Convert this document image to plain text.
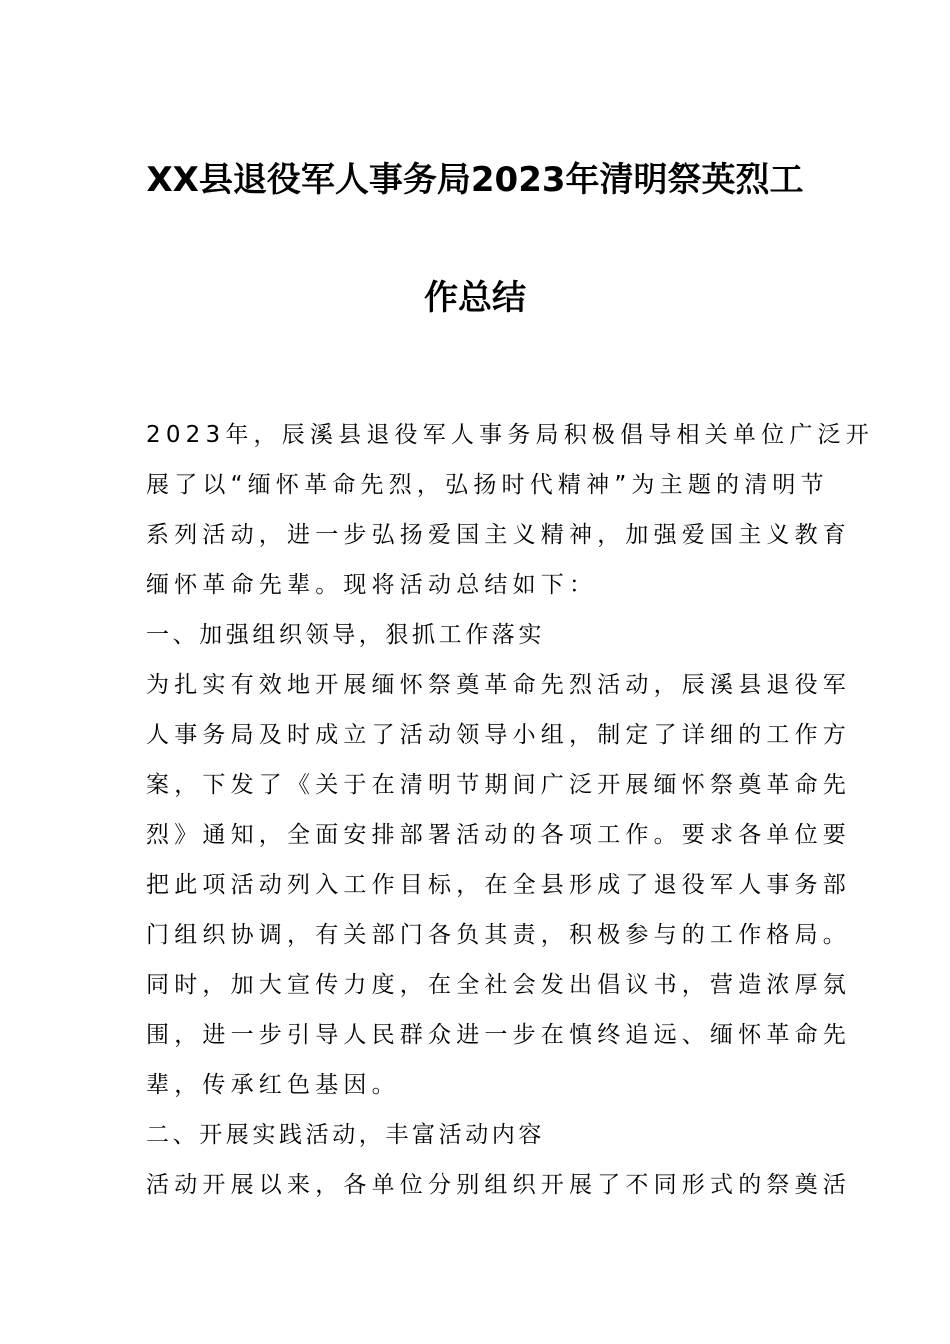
XX县退役军人事务局2023年清明祭英烈工
作总结
2023年，辰溪县退役军人事务局积极倡导相关单位广泛开
展了以“缅怀革命先烈，弘扬时代精神”为主题的清明节
系列活动，进一步弘扬爱国主义精神，加强爱国主义教育
缅怀革命先辈。现将活动总结如下：
一、加强组织领导，狠抓工作落实
为扎实有效地开展缅怀祭奠革命先烈活动，辰溪县退役军
人事务局及时成立了活动领导小组，制定了详细的工作方
案，下发了《关于在清明节期间广泛开展缅怀祭奠革命先
烈》通知，全面安排部署活动的各项工作。要求各单位要
把此项活动列入工作目标，在全县形成了退役军人事务部
门组织协调，有关部门各负其责，积极参与的工作格局。
同时，加大宣传力度，在全社会发出倡议书，营造浓厚氛
围，进一步引导人民群众进一步在慎终追远、缅怀革命先
辈，传承红色基因。
二、开展实践活动，丰富活动内容
活动开展以来，各单位分别组织开展了不同形式的祭奠活
